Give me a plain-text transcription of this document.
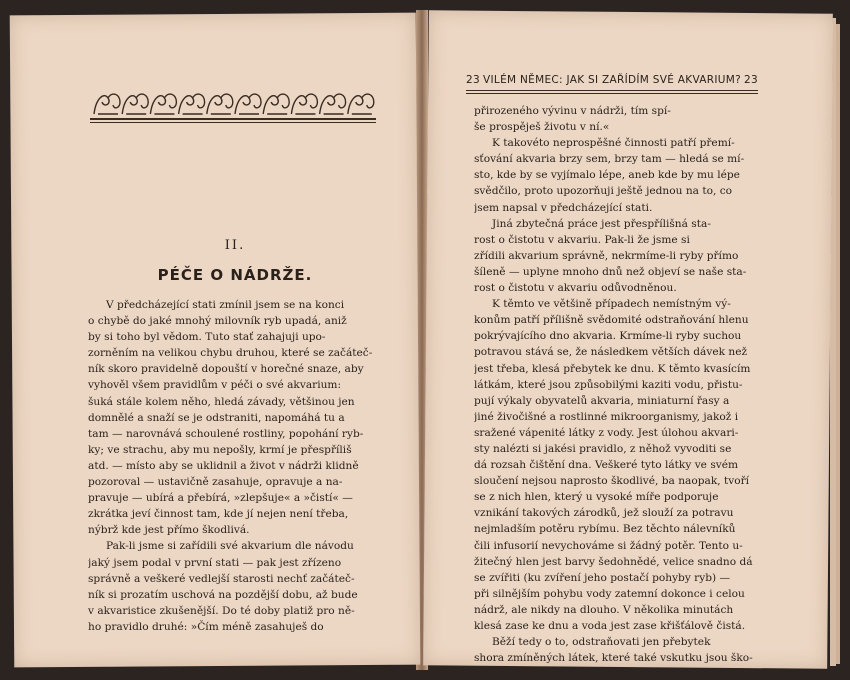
II.
PÉČE O NÁDRŽE.
V předcházející stati zmínil jsem se na konci
o chybě do jaké mnohý milovník ryb upadá, aniž
by si toho byl vědom. Tuto stať zahajuji upo-
zorněním na velikou chybu druhou, které se začáteč-
ník skoro pravidelně dopouští v horečné snaze, aby
vyhověl všem pravidlům v péči o své akvarium:
šuká stále kolem něho, hledá závady, většinou jen
domnělé a snaží se je odstraniti, napomáhá tu a
tam — narovnává schoulené rostliny, popohání ryb-
ky; ve strachu, aby mu nepošly, krmí je přespříliš
atd. — místo aby se uklidnil a život v nádrži klidně
pozoroval — ustavičně zasahuje, opravuje a na-
pravuje — ubírá a přebírá, »zlepšuje« a »čistí« —
zkrátka jeví činnost tam, kde jí nejen není třeba,
nýbrž kde jest přímo škodlivá.
Pak-li jsme si zařídili své akvarium dle návodu
jaký jsem podal v první stati — pak jest zřízeno
správně a veškeré vedlejší starosti nechť začáteč-
ník si prozatím uschová na pozdější dobu, až bude
v akvaristice zkušenější. Do té doby platiž pro ně-
ho pravidlo druhé: »Čím méně zasahuješ do
23 VILÉM NĚMEC: JAK SI ZAŘÍDÍM SVÉ AKVARIUM? 23
přirozeného vývinu v nádrži, tím spí-
še prospěješ životu v ní.«
K takovéto neprospěšné činnosti patří přemí-
sťování akvaria brzy sem, brzy tam — hledá se mí-
sto, kde by se vyjímalo lépe, aneb kde by mu lépe
svědčilo, proto upozorňuji ještě jednou na to, co
jsem napsal v předcházející stati.
Jiná zbytečná práce jest přespřílišná sta-
rost o čistotu v akvariu. Pak-li že jsme si
zřídili akvarium správně, nekrmíme-li ryby přímo
šíleně — uplyne mnoho dnů než objeví se naše sta-
rost o čistotu v akvariu odůvodněnou.
K těmto ve většině případech nemístným vý-
konům patří přílišně svědomité odstraňování hlenu
pokrývajícího dno akvaria. Krmíme-li ryby suchou
potravou stává se, že následkem větších dávek než
jest třeba, klesá přebytek ke dnu. K těmto kvasícím
látkám, které jsou způsobilými kaziti vodu, přistu-
pují výkaly obyvatelů akvaria, miniaturní řasy a
jiné živočišné a rostlinné mikroorganismy, jakož i
sražené vápenité látky z vody. Jest úlohou akvari-
sty nalézti si jakési pravidlo, z něhož vyvoditi se
dá rozsah čištění dna. Veškeré tyto látky ve svém
sloučení nejsou naprosto škodlivé, ba naopak, tvoří
se z nich hlen, který u vysoké míře podporuje
vznikání takových zárodků, jež slouží za potravu
nejmladším potěru rybímu. Bez těchto nálevníků
čili infusorií nevychováme si žádný potěr. Tento u-
žitečný hlen jest barvy šedohnědé, velice snadno dá
se zvířiti (ku zvíření jeho postačí pohyby ryb) —
při silnějším pohybu vody zatemní dokonce i celou
nádrž, ale nikdy na dlouho. V několika minutách
klesá zase ke dnu a voda jest zase křišťálově čistá.
Běží tedy o to, odstraňovati jen přebytek
shora zmíněných látek, které také vskutku jsou ško-
